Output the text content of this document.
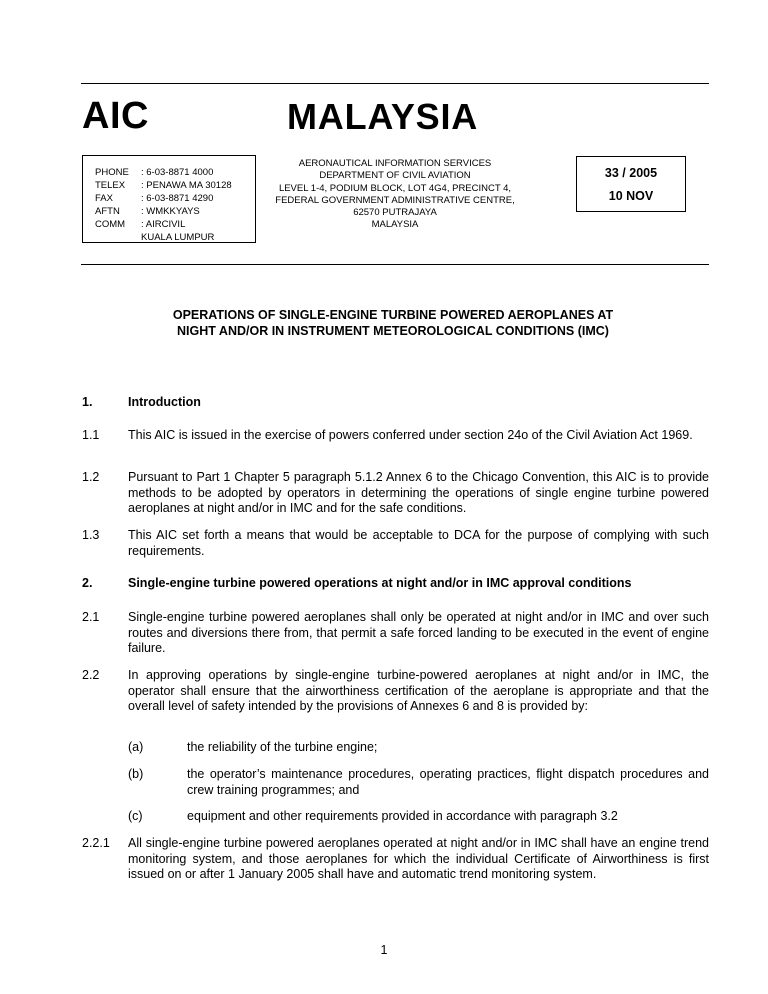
AIC	MALAYSIA
PHONE : 6-03-8871 4000
TELEX : PENAWA MA 30128
FAX	: 6-03-8871 4290
AFTN : WMKKYAYS
COMM : AIRCIVIL
KUALA LUMPUR
AERONAUTICAL INFORMATION SERVICES
DEPARTMENT OF CIVIL AVIATION
LEVEL 1-4, PODIUM BLOCK, LOT 4G4, PRECINCT 4,
FEDERAL GOVERNMENT ADMINISTRATIVE CENTRE,
62570 PUTRAJAYA
MALAYSIA
33 / 2005
10 NOV
OPERATIONS OF SINGLE-ENGINE TURBINE POWERED AEROPLANES AT
NIGHT AND/OR IN INSTRUMENT METEOROLOGICAL CONDITIONS (IMC)
1.	Introduction
1.1 This AIC is issued in the exercise of powers conferred under section 24o of the Civil Aviation Act 1969.
1.2 Pursuant to Part 1 Chapter 5 paragraph 5.1.2 Annex 6 to the Chicago Convention, this AIC is to provide methods to be adopted by operators in determining the operations of single engine turbine powered aeroplanes at night and/or in IMC and for the safe conditions.
1.3 This AIC set forth a means that would be acceptable to DCA for the purpose of complying with such requirements.
2.	Single-engine turbine powered operations at night and/or in IMC approval conditions
2.1 Single-engine turbine powered aeroplanes shall only be operated at night and/or in IMC and over such routes and diversions there from, that permit a safe forced landing to be executed in the event of engine failure.
2.2 In approving operations by single-engine turbine-powered aeroplanes at night and/or in IMC, the operator shall ensure that the airworthiness certification of the aeroplane is appropriate and that the overall level of safety intended by the provisions of Annexes 6 and 8 is provided by:
(a)	the reliability of the turbine engine;
(b)	the operator’s maintenance procedures, operating practices, flight dispatch procedures and crew training programmes; and
(c)	equipment and other requirements provided in accordance with paragraph 3.2
2.2.1 All single-engine turbine powered aeroplanes operated at night and/or in IMC shall have an engine trend monitoring system, and those aeroplanes for which the individual Certificate of Airworthiness is first issued on or after 1 January 2005 shall have and automatic trend monitoring system.
1
